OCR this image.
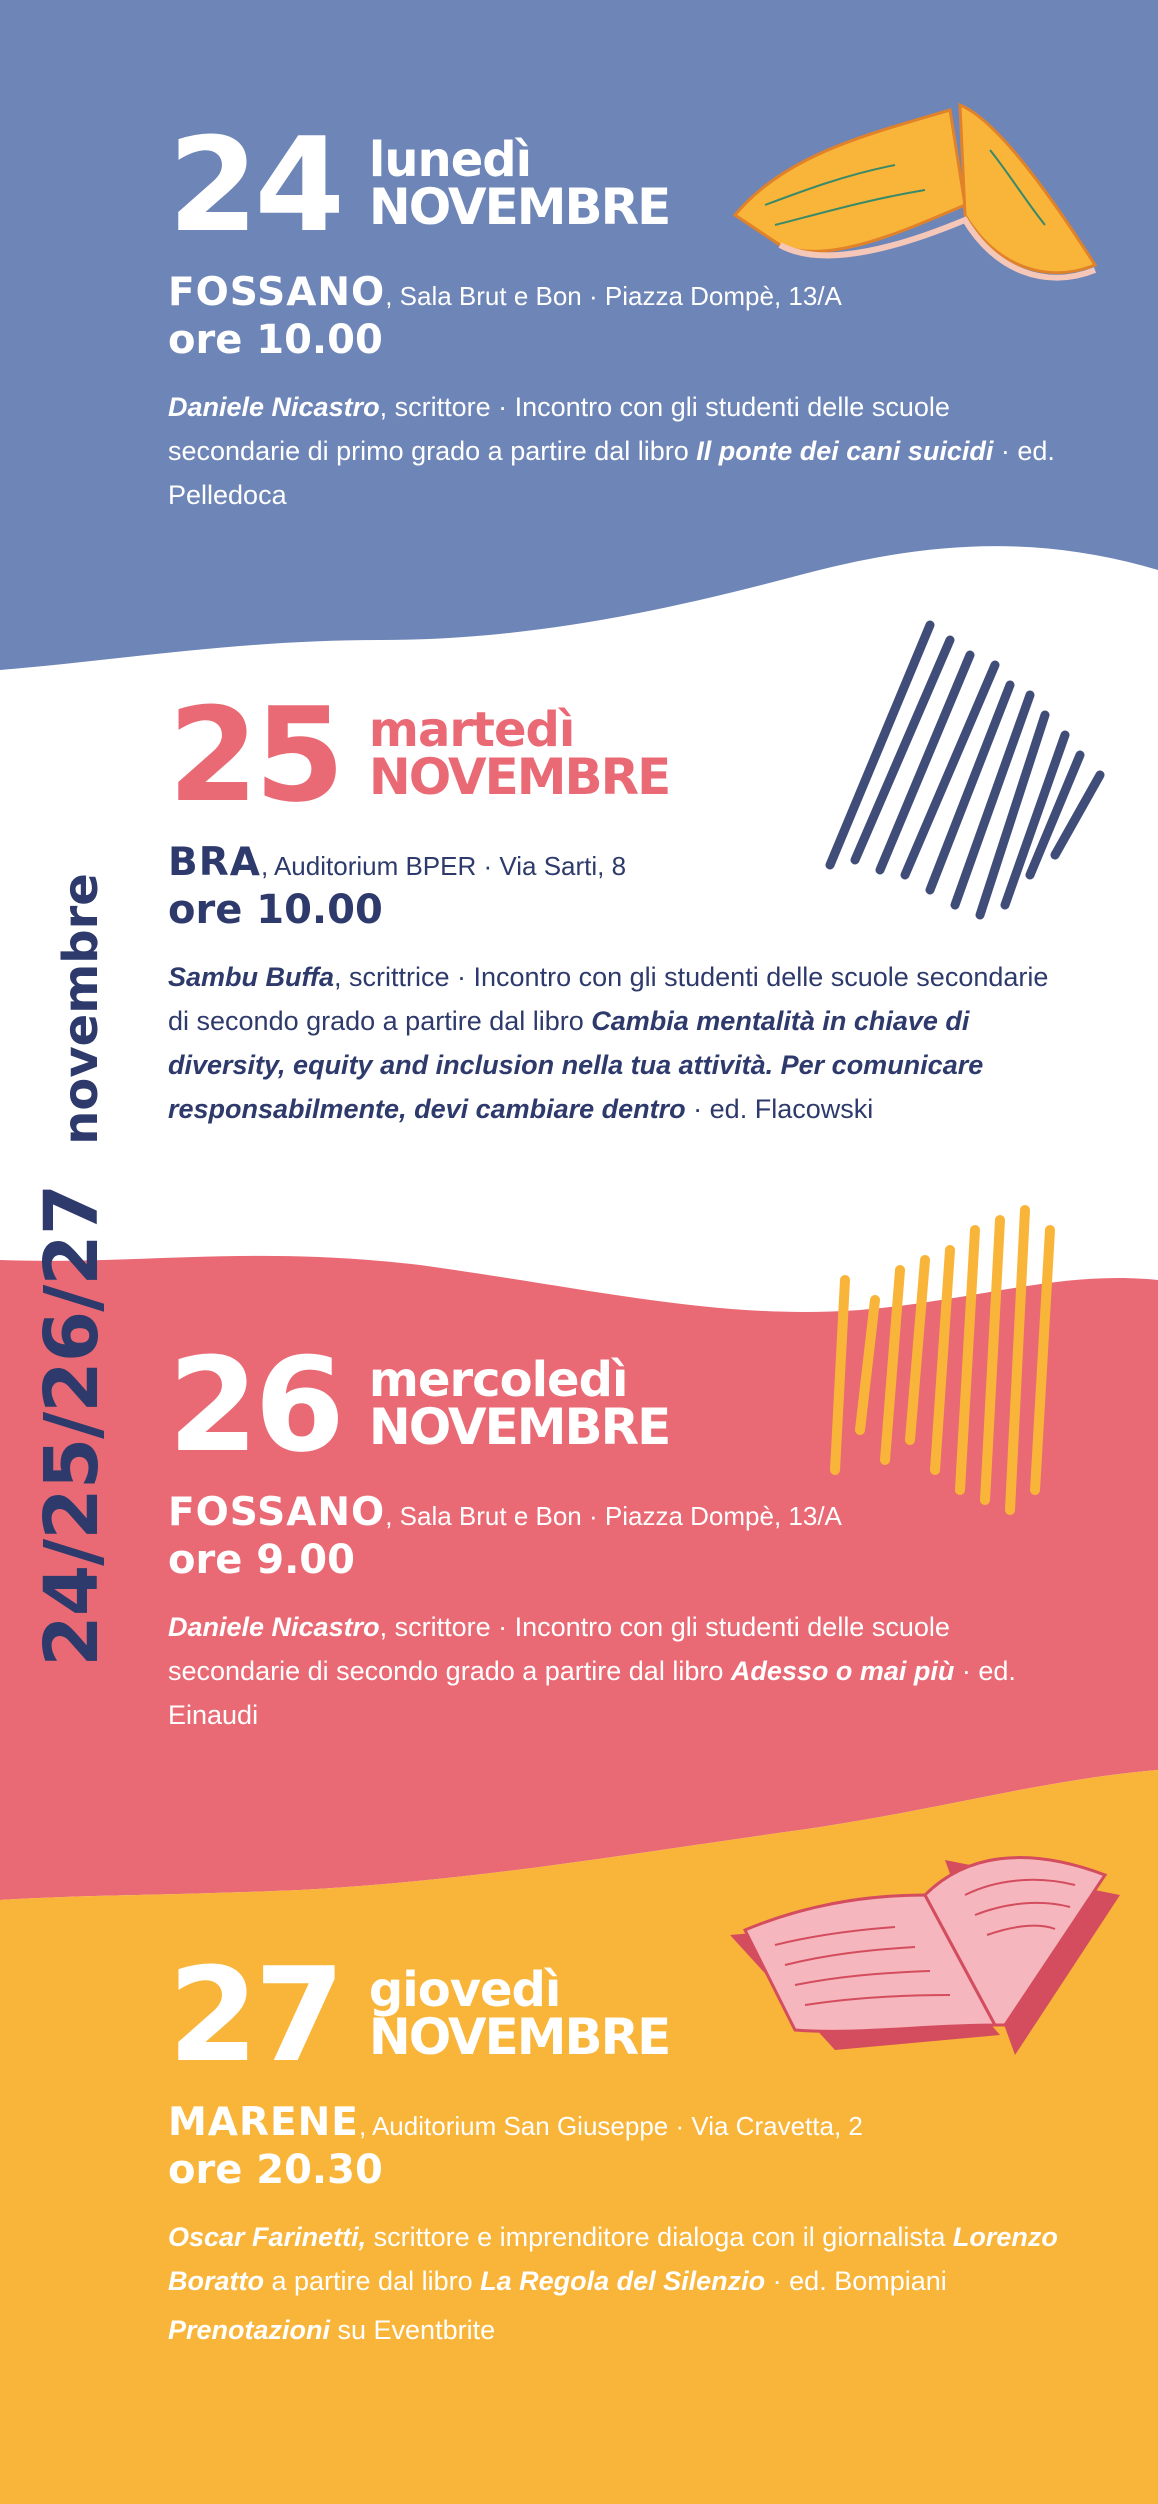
24/25/26/27novembre
24 lunedì
NOVEMBRE
FOSSANO, Sala Brut e Bon · Piazza Dompè, 13/A
ore 10.00
Daniele Nicastro, scrittore · Incontro con gli studenti delle scuole secondarie di primo grado a partire dal libro Il ponte dei cani suicidi · ed. Pelledoca
25 martedì
NOVEMBRE
BRA, Auditorium BPER · Via Sarti, 8
ore 10.00
Sambu Buffa, scrittrice · Incontro con gli studenti delle scuole secondarie di secondo grado a partire dal libro Cambia mentalità in chiave di diversity, equity and inclusion nella tua attività. Per comunicare responsabilmente, devi cambiare dentro · ed. Flacowski
26 mercoledì
NOVEMBRE
FOSSANO, Sala Brut e Bon · Piazza Dompè, 13/A
ore 9.00
Daniele Nicastro, scrittore · Incontro con gli studenti delle scuole secondarie di secondo grado a partire dal libro Adesso o mai più · ed. Einaudi
27 giovedì
NOVEMBRE
MARENE, Auditorium San Giuseppe · Via Cravetta, 2
ore 20.30
Oscar Farinetti, scrittore e imprenditore dialoga con il giornalista Lorenzo Boratto a partire dal libro La Regola del Silenzio · ed. Bompiani
Prenotazioni su Eventbrite
